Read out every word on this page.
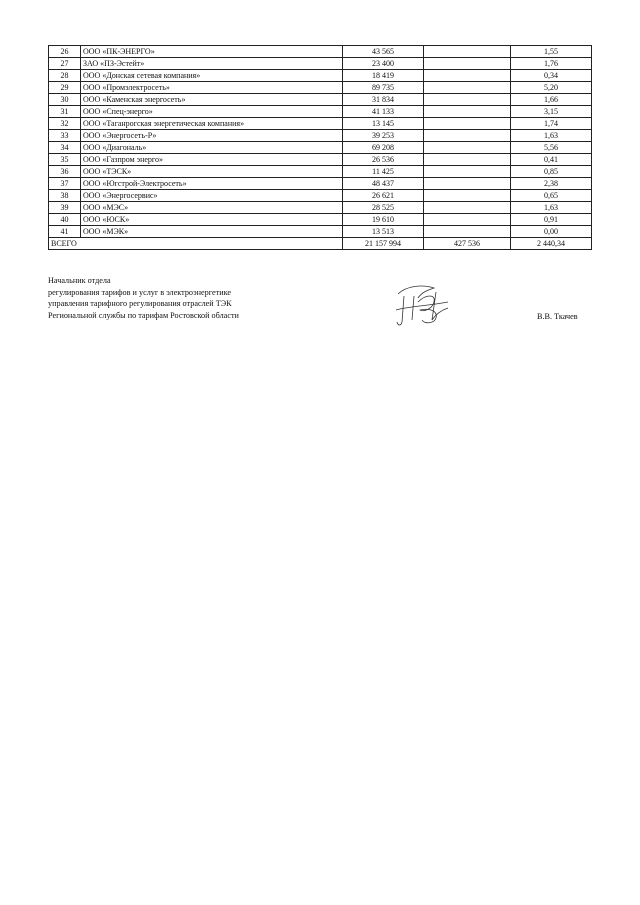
26	ООО «ПК-ЭНЕРГО»	43 565		1,55
27	ЗАО «ПЗ-Эстейт»	23 400		1,76
28	ООО «Донская сетевая компания»	18 419		0,34
29	ООО «Промэлектросеть»	89 735		5,20
30	ООО «Каменская энергосеть»	31 834		1,66
31	ООО «Спец-энерго»	41 133		3,15
32	ООО «Таганрогская энергетическая компания»	13 145		1,74
33	ООО «Энергосеть-Р»	39 253		1,63
34	ООО «Диагональ»	69 208		5,56
35	ООО «Газпром энерго»	26 536		0,41
36	ООО «ТЭСК»	11 425		0,85
37	ООО «Югстрой-Электросеть»	48 437		2,38
38	ООО «Энергосервис»	26 621		0,65
39	ООО «МЭС»	28 525		1,63
40	ООО «ЮСК»	19 610		0,91
41	ООО «МЭК»	13 513		0,00
ВСЕГО		21 157 994	427 536	2 440,34
Начальник отдела
регулирования тарифов и услуг в электроэнергетике
управления тарифного регулирования отраслей ТЭК
Региональной службы по тарифам Ростовской области	В.В. Ткачев
